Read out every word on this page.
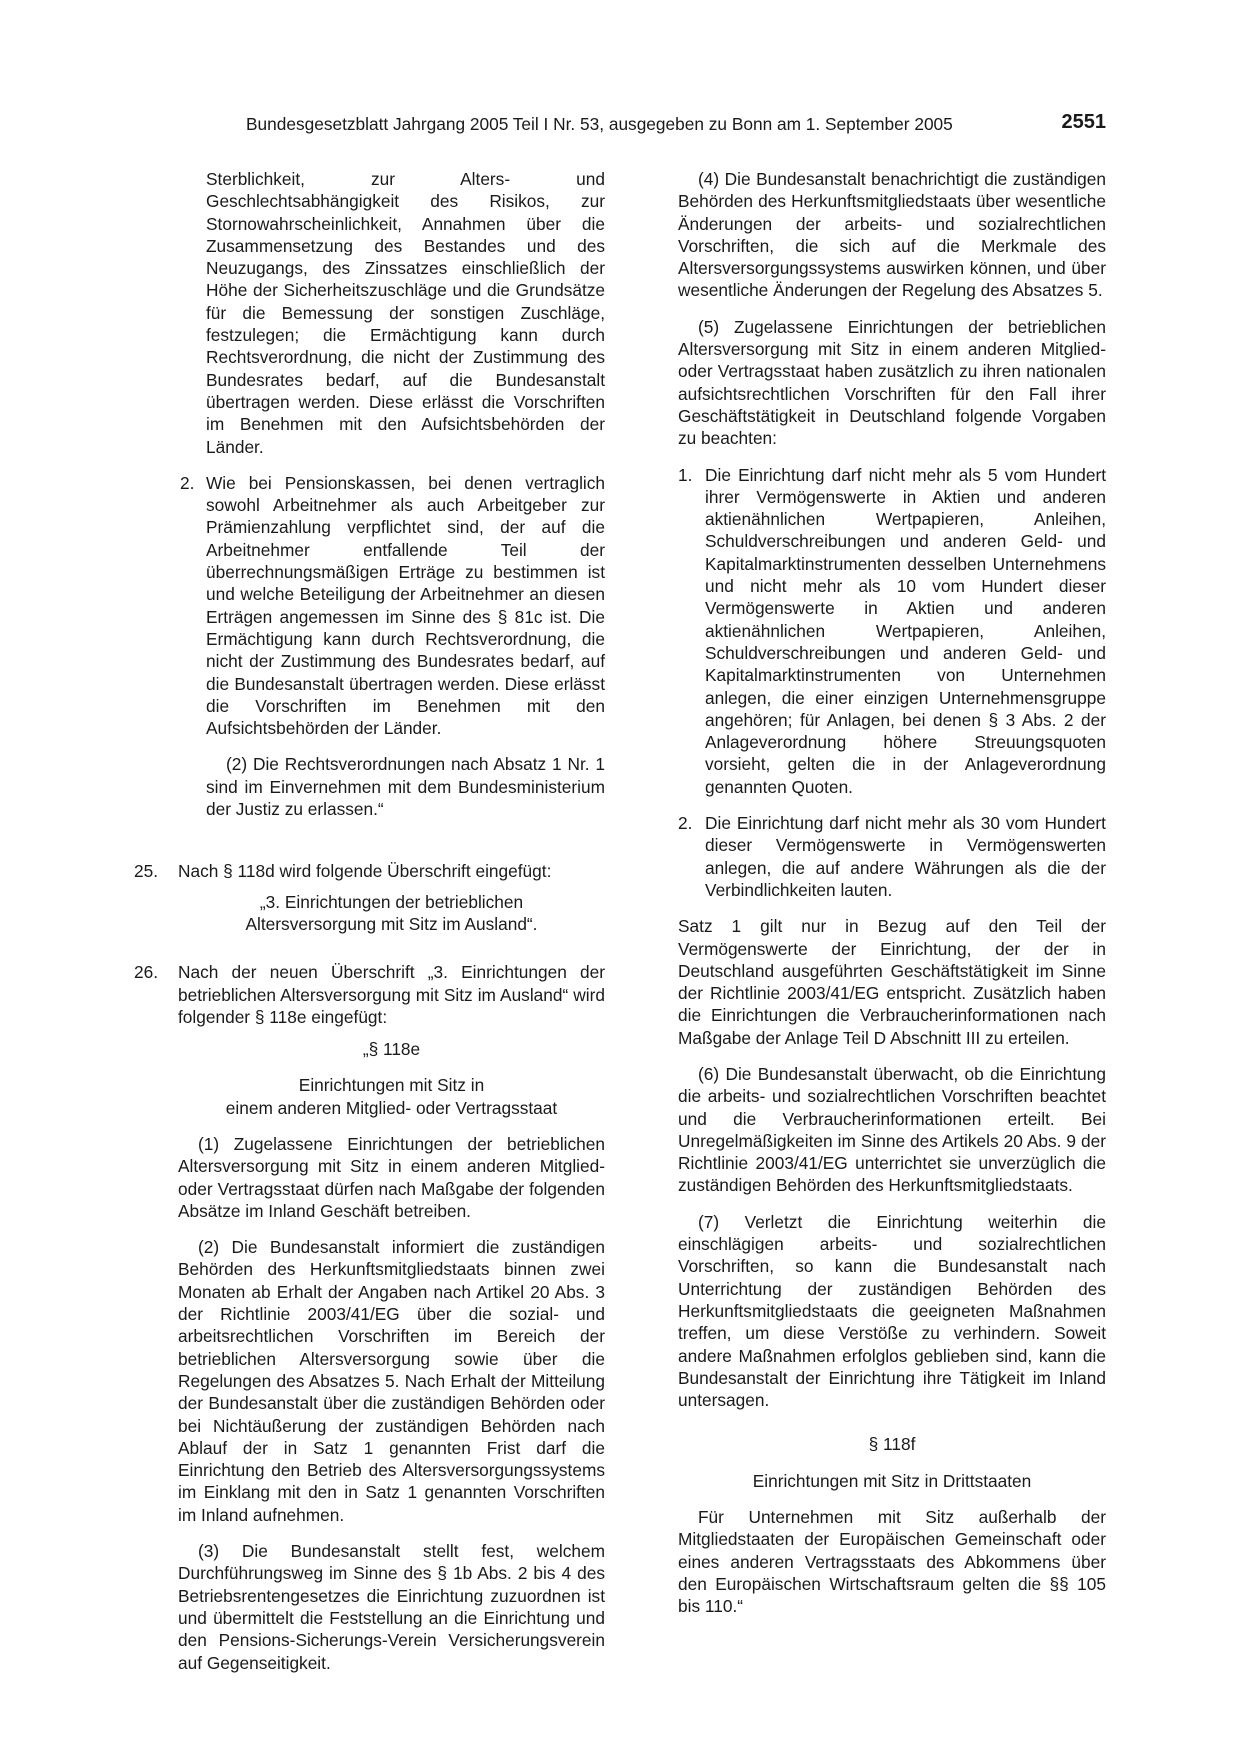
Bundesgesetzblatt Jahrgang 2005 Teil I Nr. 53, ausgegeben zu Bonn am 1. September 2005	2551

Sterblichkeit, zur Alters- und Geschlechtsabhängigkeit des Risikos, zur Stornowahrscheinlichkeit, Annahmen über die Zusammensetzung des Bestandes und des Neuzugangs, des Zinssatzes einschließlich der Höhe der Sicherheitszuschläge und die Grundsätze für die Bemessung der sonstigen Zuschläge, festzulegen; die Ermächtigung kann durch Rechtsverordnung, die nicht der Zustimmung des Bundesrates bedarf, auf die Bundesanstalt übertragen werden. Diese erlässt die Vorschriften im Benehmen mit den Aufsichtsbehörden der Länder.

2. Wie bei Pensionskassen, bei denen vertraglich sowohl Arbeitnehmer als auch Arbeitgeber zur Prämienzahlung verpflichtet sind, der auf die Arbeitnehmer entfallende Teil der überrechnungsmäßigen Erträge zu bestimmen ist und welche Beteiligung der Arbeitnehmer an diesen Erträgen angemessen im Sinne des § 81c ist. Die Ermächtigung kann durch Rechtsverordnung, die nicht der Zustimmung des Bundesrates bedarf, auf die Bundesanstalt übertragen werden. Diese erlässt die Vorschriften im Benehmen mit den Aufsichtsbehörden der Länder.

(2) Die Rechtsverordnungen nach Absatz 1 Nr. 1 sind im Einvernehmen mit dem Bundesministerium der Justiz zu erlassen.“

25. Nach § 118d wird folgende Überschrift eingefügt:

„3. Einrichtungen der betrieblichen

Altersversorgung mit Sitz im Ausland“.

26. Nach der neuen Überschrift „3. Einrichtungen der betrieblichen Altersversorgung mit Sitz im Ausland“ wird folgender § 118e eingefügt:

„§ 118e

Einrichtungen mit Sitz in

einem anderen Mitglied- oder Vertragsstaat

(1) Zugelassene Einrichtungen der betrieblichen Altersversorgung mit Sitz in einem anderen Mitglied- oder Vertragsstaat dürfen nach Maßgabe der folgenden Absätze im Inland Geschäft betreiben.

(2) Die Bundesanstalt informiert die zuständigen Behörden des Herkunftsmitgliedstaats binnen zwei Monaten ab Erhalt der Angaben nach Artikel 20 Abs. 3 der Richtlinie 2003/41/EG über die sozial- und arbeitsrechtlichen Vorschriften im Bereich der betrieblichen Altersversorgung sowie über die Regelungen des Absatzes 5. Nach Erhalt der Mitteilung der Bundesanstalt über die zuständigen Behörden oder bei Nichtäußerung der zuständigen Behörden nach Ablauf der in Satz 1 genannten Frist darf die Einrichtung den Betrieb des Altersversorgungssystems im Einklang mit den in Satz 1 genannten Vorschriften im Inland aufnehmen.

(3) Die Bundesanstalt stellt fest, welchem Durchführungsweg im Sinne des § 1b Abs. 2 bis 4 des Betriebsrentengesetzes die Einrichtung zuzuordnen ist und übermittelt die Feststellung an die Einrichtung und den Pensions-Sicherungs-Verein Versicherungsverein auf Gegenseitigkeit.

(4) Die Bundesanstalt benachrichtigt die zuständigen Behörden des Herkunftsmitgliedstaats über wesentliche Änderungen der arbeits- und sozialrechtlichen Vorschriften, die sich auf die Merkmale des Altersversorgungssystems auswirken können, und über wesentliche Änderungen der Regelung des Absatzes 5.

(5) Zugelassene Einrichtungen der betrieblichen Altersversorgung mit Sitz in einem anderen Mitglied- oder Vertragsstaat haben zusätzlich zu ihren nationalen aufsichtsrechtlichen Vorschriften für den Fall ihrer Geschäftstätigkeit in Deutschland folgende Vorgaben zu beachten:

1. Die Einrichtung darf nicht mehr als 5 vom Hundert ihrer Vermögenswerte in Aktien und anderen aktienähnlichen Wertpapieren, Anleihen, Schuldverschreibungen und anderen Geld- und Kapitalmarktinstrumenten desselben Unternehmens und nicht mehr als 10 vom Hundert dieser Vermögenswerte in Aktien und anderen aktienähnlichen Wertpapieren, Anleihen, Schuldverschreibungen und anderen Geld- und Kapitalmarktinstrumenten von Unternehmen anlegen, die einer einzigen Unternehmensgruppe angehören; für Anlagen, bei denen § 3 Abs. 2 der Anlageverordnung höhere Streuungsquoten vorsieht, gelten die in der Anlageverordnung genannten Quoten.

2. Die Einrichtung darf nicht mehr als 30 vom Hundert dieser Vermögenswerte in Vermögenswerten anlegen, die auf andere Währungen als die der Verbindlichkeiten lauten.

Satz 1 gilt nur in Bezug auf den Teil der Vermögenswerte der Einrichtung, der der in Deutschland ausgeführten Geschäftstätigkeit im Sinne der Richtlinie 2003/41/EG entspricht. Zusätzlich haben die Einrichtungen die Verbraucherinformationen nach Maßgabe der Anlage Teil D Abschnitt III zu erteilen.

(6) Die Bundesanstalt überwacht, ob die Einrichtung die arbeits- und sozialrechtlichen Vorschriften beachtet und die Verbraucherinformationen erteilt. Bei Unregelmäßigkeiten im Sinne des Artikels 20 Abs. 9 der Richtlinie 2003/41/EG unterrichtet sie unverzüglich die zuständigen Behörden des Herkunftsmitgliedstaats.

(7) Verletzt die Einrichtung weiterhin die einschlägigen arbeits- und sozialrechtlichen Vorschriften, so kann die Bundesanstalt nach Unterrichtung der zuständigen Behörden des Herkunftsmitgliedstaats die geeigneten Maßnahmen treffen, um diese Verstöße zu verhindern. Soweit andere Maßnahmen erfolglos geblieben sind, kann die Bundesanstalt der Einrichtung ihre Tätigkeit im Inland untersagen.

§ 118f

Einrichtungen mit Sitz in Drittstaaten

Für Unternehmen mit Sitz außerhalb der Mitgliedstaaten der Europäischen Gemeinschaft oder eines anderen Vertragsstaats des Abkommens über den Europäischen Wirtschaftsraum gelten die §§ 105 bis 110.“
